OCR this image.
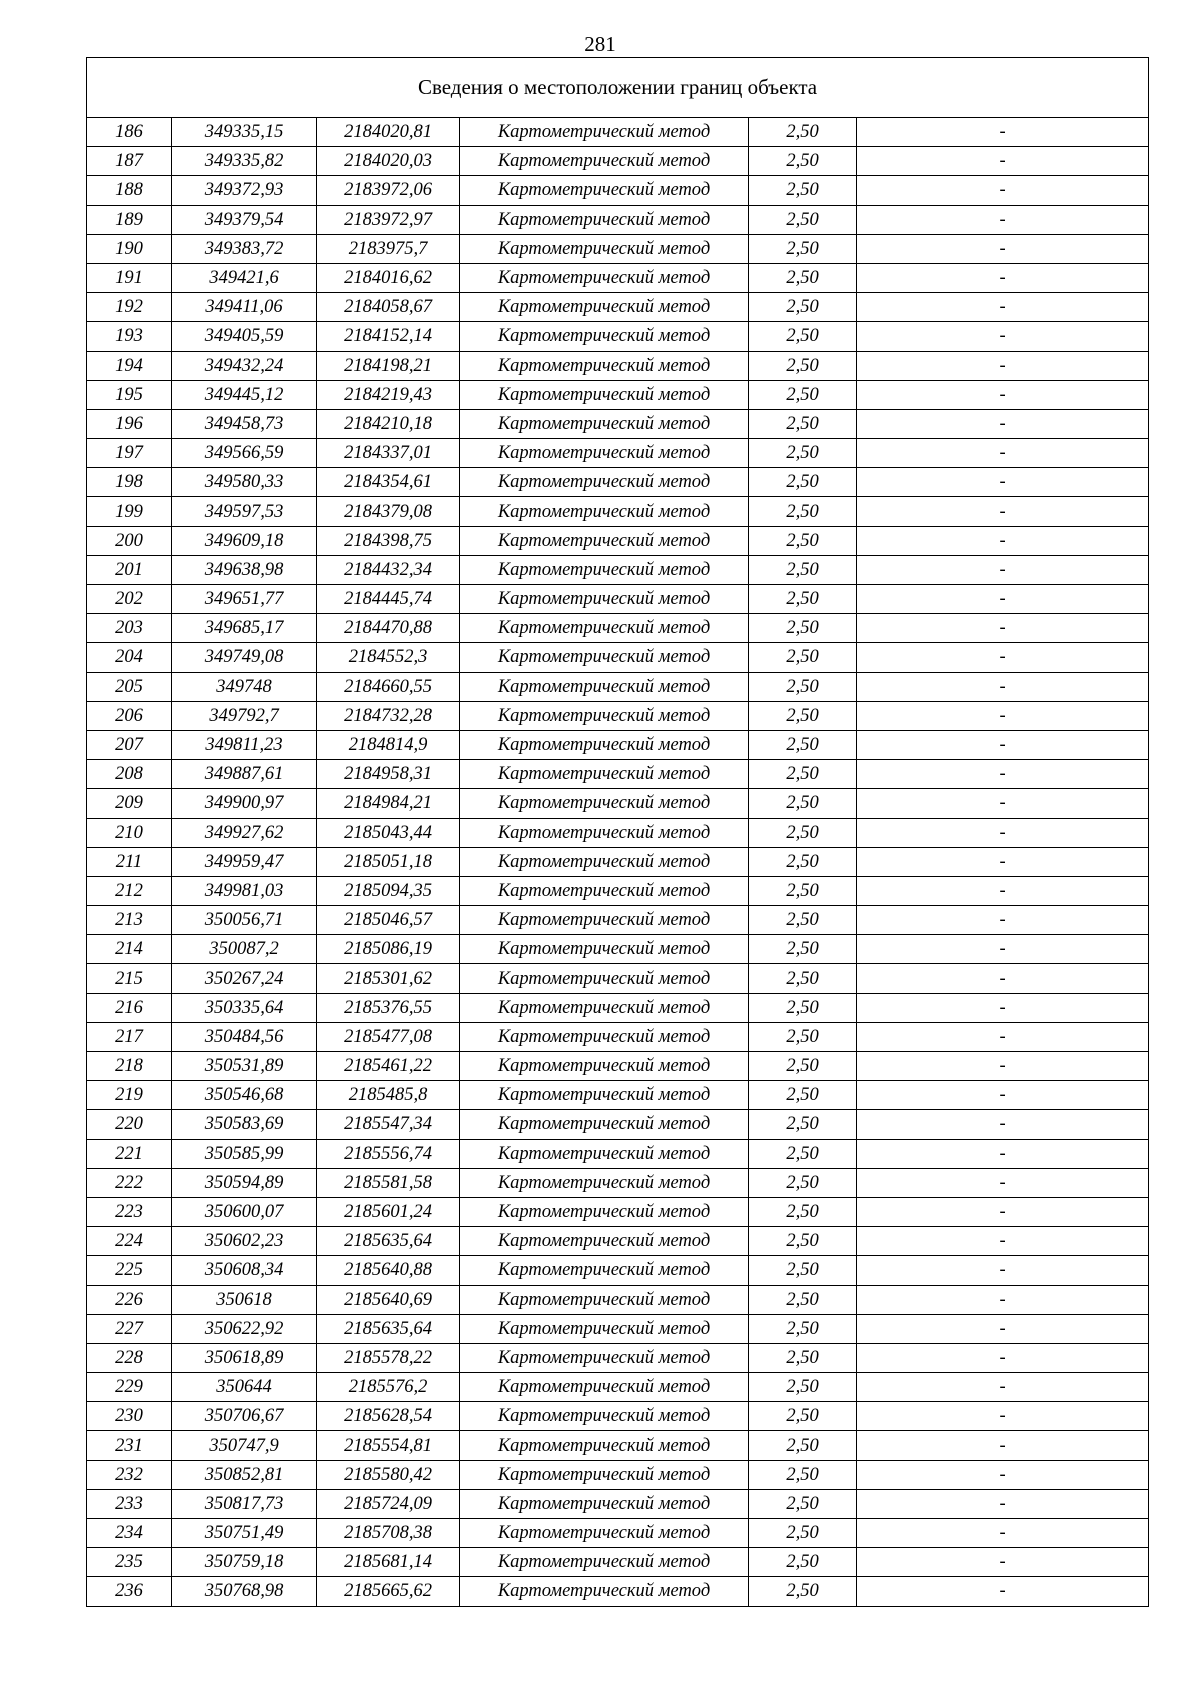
281
Сведения о местоположении границ объекта					
186	349335,15	2184020,81	Картометрический метод	2,50	-
187	349335,82	2184020,03	Картометрический метод	2,50	-
188	349372,93	2183972,06	Картометрический метод	2,50	-
189	349379,54	2183972,97	Картометрический метод	2,50	-
190	349383,72	2183975,7	Картометрический метод	2,50	-
191	349421,6	2184016,62	Картометрический метод	2,50	-
192	349411,06	2184058,67	Картометрический метод	2,50	-
193	349405,59	2184152,14	Картометрический метод	2,50	-
194	349432,24	2184198,21	Картометрический метод	2,50	-
195	349445,12	2184219,43	Картометрический метод	2,50	-
196	349458,73	2184210,18	Картометрический метод	2,50	-
197	349566,59	2184337,01	Картометрический метод	2,50	-
198	349580,33	2184354,61	Картометрический метод	2,50	-
199	349597,53	2184379,08	Картометрический метод	2,50	-
200	349609,18	2184398,75	Картометрический метод	2,50	-
201	349638,98	2184432,34	Картометрический метод	2,50	-
202	349651,77	2184445,74	Картометрический метод	2,50	-
203	349685,17	2184470,88	Картометрический метод	2,50	-
204	349749,08	2184552,3	Картометрический метод	2,50	-
205	349748	2184660,55	Картометрический метод	2,50	-
206	349792,7	2184732,28	Картометрический метод	2,50	-
207	349811,23	2184814,9	Картометрический метод	2,50	-
208	349887,61	2184958,31	Картометрический метод	2,50	-
209	349900,97	2184984,21	Картометрический метод	2,50	-
210	349927,62	2185043,44	Картометрический метод	2,50	-
211	349959,47	2185051,18	Картометрический метод	2,50	-
212	349981,03	2185094,35	Картометрический метод	2,50	-
213	350056,71	2185046,57	Картометрический метод	2,50	-
214	350087,2	2185086,19	Картометрический метод	2,50	-
215	350267,24	2185301,62	Картометрический метод	2,50	-
216	350335,64	2185376,55	Картометрический метод	2,50	-
217	350484,56	2185477,08	Картометрический метод	2,50	-
218	350531,89	2185461,22	Картометрический метод	2,50	-
219	350546,68	2185485,8	Картометрический метод	2,50	-
220	350583,69	2185547,34	Картометрический метод	2,50	-
221	350585,99	2185556,74	Картометрический метод	2,50	-
222	350594,89	2185581,58	Картометрический метод	2,50	-
223	350600,07	2185601,24	Картометрический метод	2,50	-
224	350602,23	2185635,64	Картометрический метод	2,50	-
225	350608,34	2185640,88	Картометрический метод	2,50	-
226	350618	2185640,69	Картометрический метод	2,50	-
227	350622,92	2185635,64	Картометрический метод	2,50	-
228	350618,89	2185578,22	Картометрический метод	2,50	-
229	350644	2185576,2	Картометрический метод	2,50	-
230	350706,67	2185628,54	Картометрический метод	2,50	-
231	350747,9	2185554,81	Картометрический метод	2,50	-
232	350852,81	2185580,42	Картометрический метод	2,50	-
233	350817,73	2185724,09	Картометрический метод	2,50	-
234	350751,49	2185708,38	Картометрический метод	2,50	-
235	350759,18	2185681,14	Картометрический метод	2,50	-
236	350768,98	2185665,62	Картометрический метод	2,50	-
